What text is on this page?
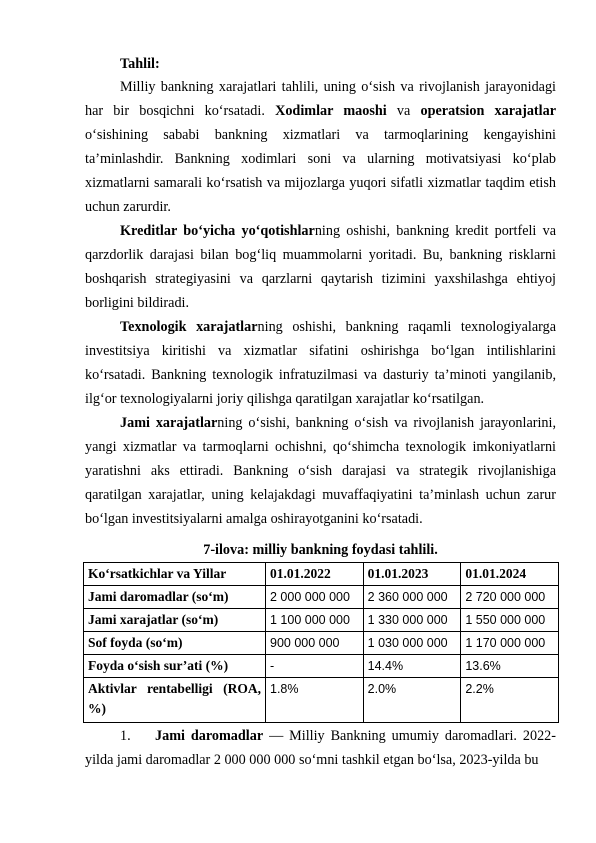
Tahlil:

Milliy bankning xarajatlari tahlili, uning o‘sish va rivojlanish jarayonidagi har bir bosqichni ko‘rsatadi. Xodimlar maoshi va operatsion xarajatlar o‘sishining sababi bankning xizmatlari va tarmoqlarining kengayishini ta’minlashdir. Bankning xodimlari soni va ularning motivatsiyasi ko‘plab xizmatlarni samarali ko‘rsatish va mijozlarga yuqori sifatli xizmatlar taqdim etish uchun zarurdir.

Kreditlar bo‘yicha yo‘qotishlarning oshishi, bankning kredit portfeli va qarzdorlik darajasi bilan bog‘liq muammolarni yoritadi. Bu, bankning risklarni boshqarish strategiyasini va qarzlarni qaytarish tizimini yaxshilashga ehtiyoj borligini bildiradi.

Texnologik xarajatlarning oshishi, bankning raqamli texnologiyalarga investitsiya kiritishi va xizmatlar sifatini oshirishga bo‘lgan intilishlarini ko‘rsatadi. Bankning texnologik infratuzilmasi va dasturiy ta’minoti yangilanib, ilg‘or texnologiyalarni joriy qilishga qaratilgan xarajatlar ko‘rsatilgan.

Jami xarajatlarning o‘sishi, bankning o‘sish va rivojlanish jarayonlarini, yangi xizmatlar va tarmoqlarni ochishni, qo‘shimcha texnologik imkoniyatlarni yaratishni aks ettiradi. Bankning o‘sish darajasi va strategik rivojlanishiga qaratilgan xarajatlar, uning kelajakdagi muvaffaqiyatini ta’minlash uchun zarur bo‘lgan investitsiyalarni amalga oshirayotganini ko‘rsatadi.

7-ilova: milliy bankning foydasi tahlili.
Ko‘rsatkichlar va Yillar	01.01.2022	01.01.2023	01.01.2024
Jami daromadlar (so‘m)	2 000 000 000	2 360 000 000	2 720 000 000
Jami xarajatlar (so‘m)	1 100 000 000	1 330 000 000	1 550 000 000
Sof foyda (so‘m)	900 000 000	1 030 000 000	1 170 000 000
Foyda o‘sish sur’ati (%)	-	14.4%	13.6%
Aktivlar rentabelligi (ROA, %)	1.8%	2.0%	2.2%

1. Jami daromadlar — Milliy Bankning umumiy daromadlari. 2022-yilda jami daromadlar 2 000 000 000 so‘mni tashkil etgan bo‘lsa, 2023-yilda bu
